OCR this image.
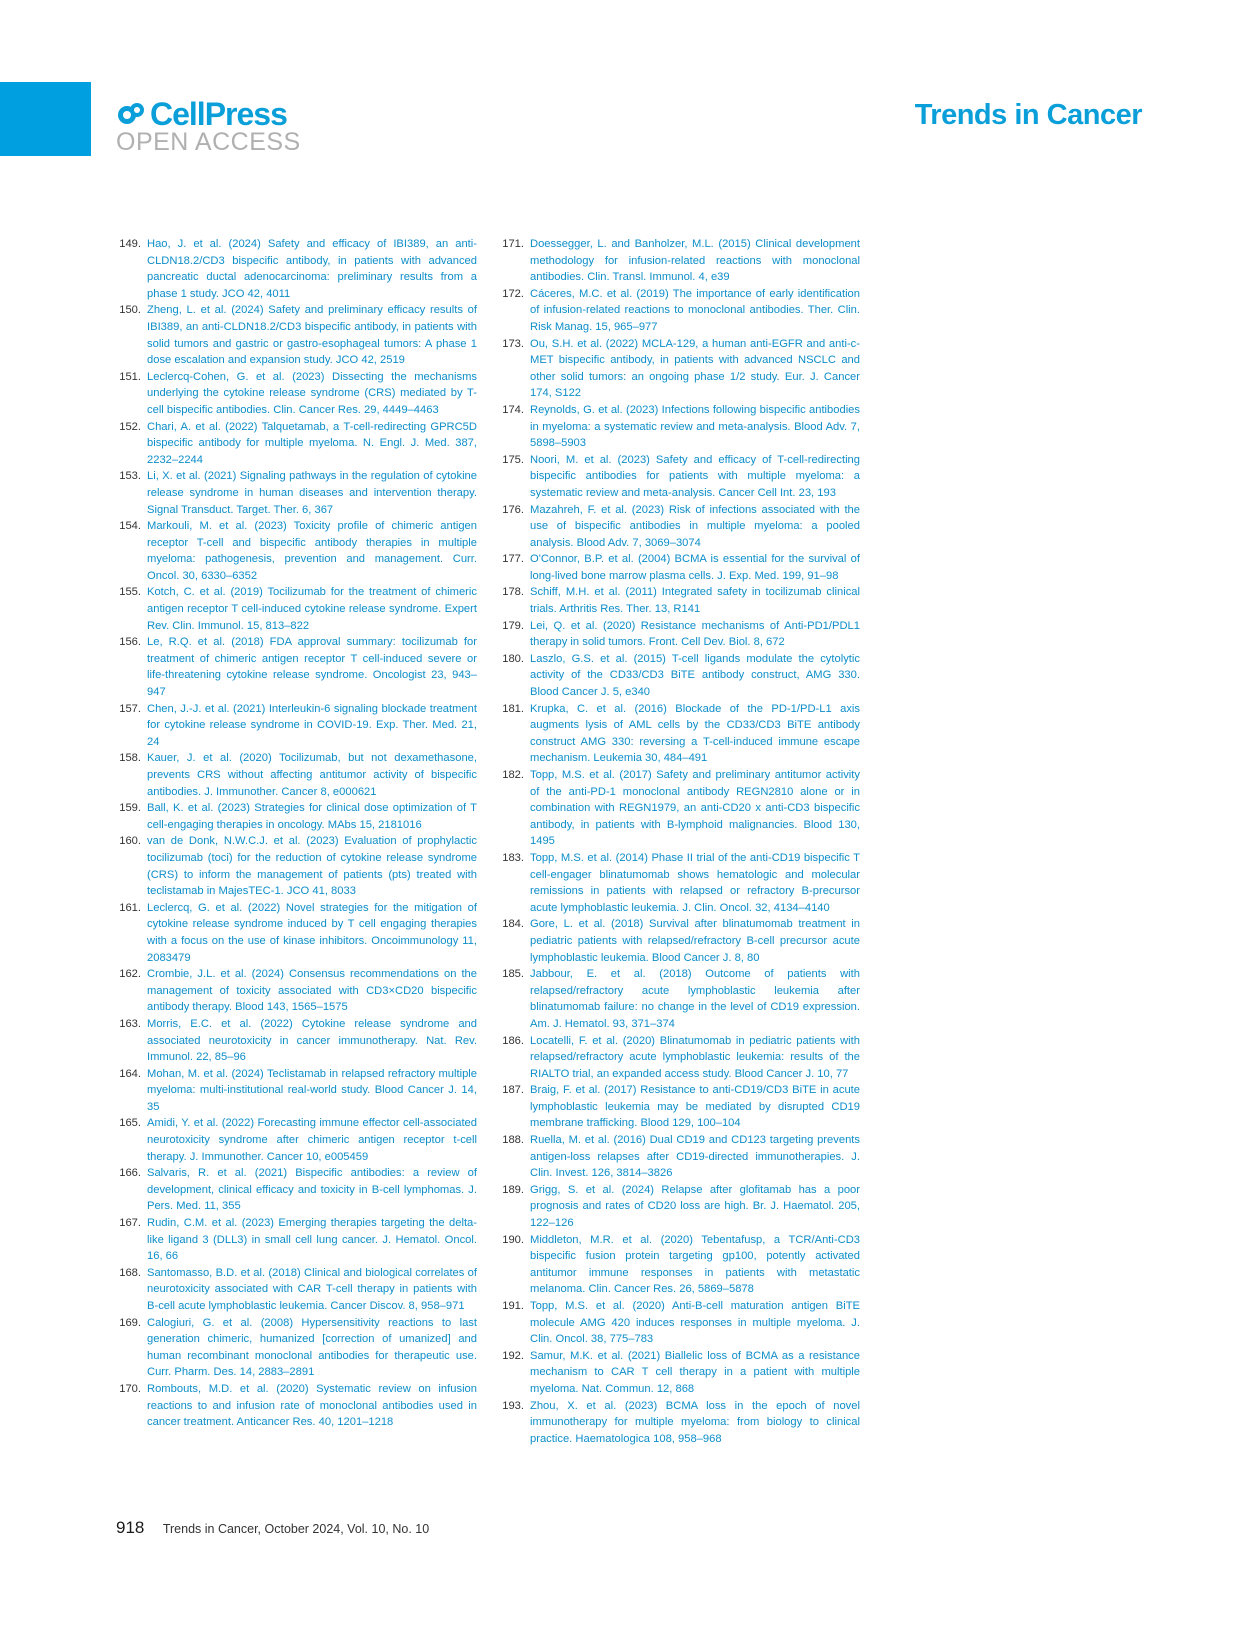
CellPress
OPEN ACCESS
Trends in Cancer
149. Hao, J. et al. (2024) Safety and efficacy of IBI389, an anti-CLDN18.2/CD3 bispecific antibody, in patients with advanced pancreatic ductal adenocarcinoma: preliminary results from a phase 1 study. JCO 42, 4011
150. Zheng, L. et al. (2024) Safety and preliminary efficacy results of IBI389, an anti-CLDN18.2/CD3 bispecific antibody, in patients with solid tumors and gastric or gastro-esophageal tumors: A phase 1 dose escalation and expansion study. JCO 42, 2519
151. Leclercq-Cohen, G. et al. (2023) Dissecting the mechanisms underlying the cytokine release syndrome (CRS) mediated by T-cell bispecific antibodies. Clin. Cancer Res. 29, 4449–4463
152. Chari, A. et al. (2022) Talquetamab, a T-cell-redirecting GPRC5D bispecific antibody for multiple myeloma. N. Engl. J. Med. 387, 2232–2244
153. Li, X. et al. (2021) Signaling pathways in the regulation of cytokine release syndrome in human diseases and intervention therapy. Signal Transduct. Target. Ther. 6, 367
154. Markouli, M. et al. (2023) Toxicity profile of chimeric antigen receptor T-cell and bispecific antibody therapies in multiple myeloma: pathogenesis, prevention and management. Curr. Oncol. 30, 6330–6352
155. Kotch, C. et al. (2019) Tocilizumab for the treatment of chimeric antigen receptor T cell-induced cytokine release syndrome. Expert Rev. Clin. Immunol. 15, 813–822
156. Le, R.Q. et al. (2018) FDA approval summary: tocilizumab for treatment of chimeric antigen receptor T cell-induced severe or life-threatening cytokine release syndrome. Oncologist 23, 943–947
157. Chen, J.-J. et al. (2021) Interleukin-6 signaling blockade treatment for cytokine release syndrome in COVID-19. Exp. Ther. Med. 21, 24
158. Kauer, J. et al. (2020) Tocilizumab, but not dexamethasone, prevents CRS without affecting antitumor activity of bispecific antibodies. J. Immunother. Cancer 8, e000621
159. Ball, K. et al. (2023) Strategies for clinical dose optimization of T cell-engaging therapies in oncology. MAbs 15, 2181016
160. van de Donk, N.W.C.J. et al. (2023) Evaluation of prophylactic tocilizumab (toci) for the reduction of cytokine release syndrome (CRS) to inform the management of patients (pts) treated with teclistamab in MajesTEC-1. JCO 41, 8033
161. Leclercq, G. et al. (2022) Novel strategies for the mitigation of cytokine release syndrome induced by T cell engaging therapies with a focus on the use of kinase inhibitors. Oncoimmunology 11, 2083479
162. Crombie, J.L. et al. (2024) Consensus recommendations on the management of toxicity associated with CD3×CD20 bispecific antibody therapy. Blood 143, 1565–1575
163. Morris, E.C. et al. (2022) Cytokine release syndrome and associated neurotoxicity in cancer immunotherapy. Nat. Rev. Immunol. 22, 85–96
164. Mohan, M. et al. (2024) Teclistamab in relapsed refractory multiple myeloma: multi-institutional real-world study. Blood Cancer J. 14, 35
165. Amidi, Y. et al. (2022) Forecasting immune effector cell-associated neurotoxicity syndrome after chimeric antigen receptor t-cell therapy. J. Immunother. Cancer 10, e005459
166. Salvaris, R. et al. (2021) Bispecific antibodies: a review of development, clinical efficacy and toxicity in B-cell lymphomas. J. Pers. Med. 11, 355
167. Rudin, C.M. et al. (2023) Emerging therapies targeting the delta-like ligand 3 (DLL3) in small cell lung cancer. J. Hematol. Oncol. 16, 66
168. Santomasso, B.D. et al. (2018) Clinical and biological correlates of neurotoxicity associated with CAR T-cell therapy in patients with B-cell acute lymphoblastic leukemia. Cancer Discov. 8, 958–971
169. Calogiuri, G. et al. (2008) Hypersensitivity reactions to last generation chimeric, humanized [correction of umanized] and human recombinant monoclonal antibodies for therapeutic use. Curr. Pharm. Des. 14, 2883–2891
170. Rombouts, M.D. et al. (2020) Systematic review on infusion reactions to and infusion rate of monoclonal antibodies used in cancer treatment. Anticancer Res. 40, 1201–1218
171. Doessegger, L. and Banholzer, M.L. (2015) Clinical development methodology for infusion-related reactions with monoclonal antibodies. Clin. Transl. Immunol. 4, e39
172. Cáceres, M.C. et al. (2019) The importance of early identification of infusion-related reactions to monoclonal antibodies. Ther. Clin. Risk Manag. 15, 965–977
173. Ou, S.H. et al. (2022) MCLA-129, a human anti-EGFR and anti-c-MET bispecific antibody, in patients with advanced NSCLC and other solid tumors: an ongoing phase 1/2 study. Eur. J. Cancer 174, S122
174. Reynolds, G. et al. (2023) Infections following bispecific antibodies in myeloma: a systematic review and meta-analysis. Blood Adv. 7, 5898–5903
175. Noori, M. et al. (2023) Safety and efficacy of T-cell-redirecting bispecific antibodies for patients with multiple myeloma: a systematic review and meta-analysis. Cancer Cell Int. 23, 193
176. Mazahreh, F. et al. (2023) Risk of infections associated with the use of bispecific antibodies in multiple myeloma: a pooled analysis. Blood Adv. 7, 3069–3074
177. O'Connor, B.P. et al. (2004) BCMA is essential for the survival of long-lived bone marrow plasma cells. J. Exp. Med. 199, 91–98
178. Schiff, M.H. et al. (2011) Integrated safety in tocilizumab clinical trials. Arthritis Res. Ther. 13, R141
179. Lei, Q. et al. (2020) Resistance mechanisms of Anti-PD1/PDL1 therapy in solid tumors. Front. Cell Dev. Biol. 8, 672
180. Laszlo, G.S. et al. (2015) T-cell ligands modulate the cytolytic activity of the CD33/CD3 BiTE antibody construct, AMG 330. Blood Cancer J. 5, e340
181. Krupka, C. et al. (2016) Blockade of the PD-1/PD-L1 axis augments lysis of AML cells by the CD33/CD3 BiTE antibody construct AMG 330: reversing a T-cell-induced immune escape mechanism. Leukemia 30, 484–491
182. Topp, M.S. et al. (2017) Safety and preliminary antitumor activity of the anti-PD-1 monoclonal antibody REGN2810 alone or in combination with REGN1979, an anti-CD20 x anti-CD3 bispecific antibody, in patients with B-lymphoid malignancies. Blood 130, 1495
183. Topp, M.S. et al. (2014) Phase II trial of the anti-CD19 bispecific T cell-engager blinatumomab shows hematologic and molecular remissions in patients with relapsed or refractory B-precursor acute lymphoblastic leukemia. J. Clin. Oncol. 32, 4134–4140
184. Gore, L. et al. (2018) Survival after blinatumomab treatment in pediatric patients with relapsed/refractory B-cell precursor acute lymphoblastic leukemia. Blood Cancer J. 8, 80
185. Jabbour, E. et al. (2018) Outcome of patients with relapsed/refractory acute lymphoblastic leukemia after blinatumomab failure: no change in the level of CD19 expression. Am. J. Hematol. 93, 371–374
186. Locatelli, F. et al. (2020) Blinatumomab in pediatric patients with relapsed/refractory acute lymphoblastic leukemia: results of the RIALTO trial, an expanded access study. Blood Cancer J. 10, 77
187. Braig, F. et al. (2017) Resistance to anti-CD19/CD3 BiTE in acute lymphoblastic leukemia may be mediated by disrupted CD19 membrane trafficking. Blood 129, 100–104
188. Ruella, M. et al. (2016) Dual CD19 and CD123 targeting prevents antigen-loss relapses after CD19-directed immunotherapies. J. Clin. Invest. 126, 3814–3826
189. Grigg, S. et al. (2024) Relapse after glofitamab has a poor prognosis and rates of CD20 loss are high. Br. J. Haematol. 205, 122–126
190. Middleton, M.R. et al. (2020) Tebentafusp, a TCR/Anti-CD3 bispecific fusion protein targeting gp100, potently activated antitumor immune responses in patients with metastatic melanoma. Clin. Cancer Res. 26, 5869–5878
191. Topp, M.S. et al. (2020) Anti-B-cell maturation antigen BiTE molecule AMG 420 induces responses in multiple myeloma. J. Clin. Oncol. 38, 775–783
192. Samur, M.K. et al. (2021) Biallelic loss of BCMA as a resistance mechanism to CAR T cell therapy in a patient with multiple myeloma. Nat. Commun. 12, 868
193. Zhou, X. et al. (2023) BCMA loss in the epoch of novel immunotherapy for multiple myeloma: from biology to clinical practice. Haematologica 108, 958–968
918 Trends in Cancer, October 2024, Vol. 10, No. 10
